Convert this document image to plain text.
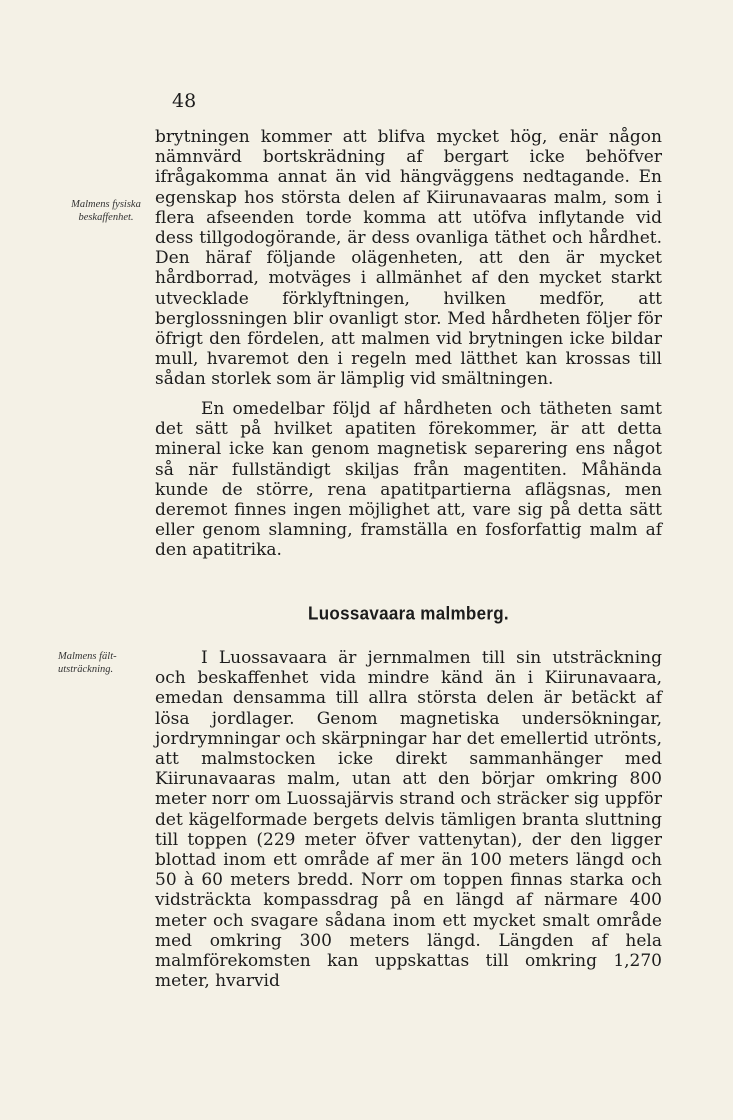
48
Malmens fysiska beskaffenhet.

brytningen kommer att blifva mycket hög, enär någon nämnvärd bortskrädning af bergart icke behöfver ifrågakomma annat än vid hängväggens nedtagande. En egenskap hos största delen af Kiirunavaaras malm, som i flera afseenden torde komma att utöfva inflytande vid dess tillgodogörande, är dess ovanliga täthet och hårdhet. Den häraf följande olägenheten, att den är mycket hårdborrad, motväges i allmänhet af den mycket starkt utvecklade förklyftningen, hvilken medför, att berglossningen blir ovanligt stor. Med hårdheten följer för öfrigt den fördelen, att malmen vid brytningen icke bildar mull, hvaremot den i regeln med lätthet kan krossas till sådan storlek som är lämplig vid smältningen.

En omedelbar följd af hårdheten och tätheten samt det sätt på hvilket apatiten förekommer, är att detta mineral icke kan genom magnetisk separering ens något så när fullständigt skiljas från magentiten. Måhända kunde de större, rena apatitpartierna aflägsnas, men deremot finnes ingen möjlighet att, vare sig på detta sätt eller genom slamning, framställa en fosforfattig malm af den apatitrika.

Luossavaara malmberg.
Malmens fält-utsträckning.

I Luossavaara är jernmalmen till sin utsträckning och beskaffenhet vida mindre känd än i Kiirunavaara, emedan densamma till allra största delen är betäckt af lösa jordlager. Genom magnetiska undersökningar, jordrymningar och skärpningar har det emellertid utrönts, att malmstocken icke direkt sammanhänger med Kiirunavaaras malm, utan att den börjar omkring 800 meter norr om Luossajärvis strand och sträcker sig uppför det kägelformade bergets delvis tämligen branta sluttning till toppen (229 meter öfver vattenytan), der den ligger blottad inom ett område af mer än 100 meters längd och 50 à 60 meters bredd. Norr om toppen finnas starka och vidsträckta kompassdrag på en längd af närmare 400 meter och svagare sådana inom ett mycket smalt område med omkring 300 meters längd. Längden af hela malmförekomsten kan uppskattas till omkring 1,270 meter, hvarvid
